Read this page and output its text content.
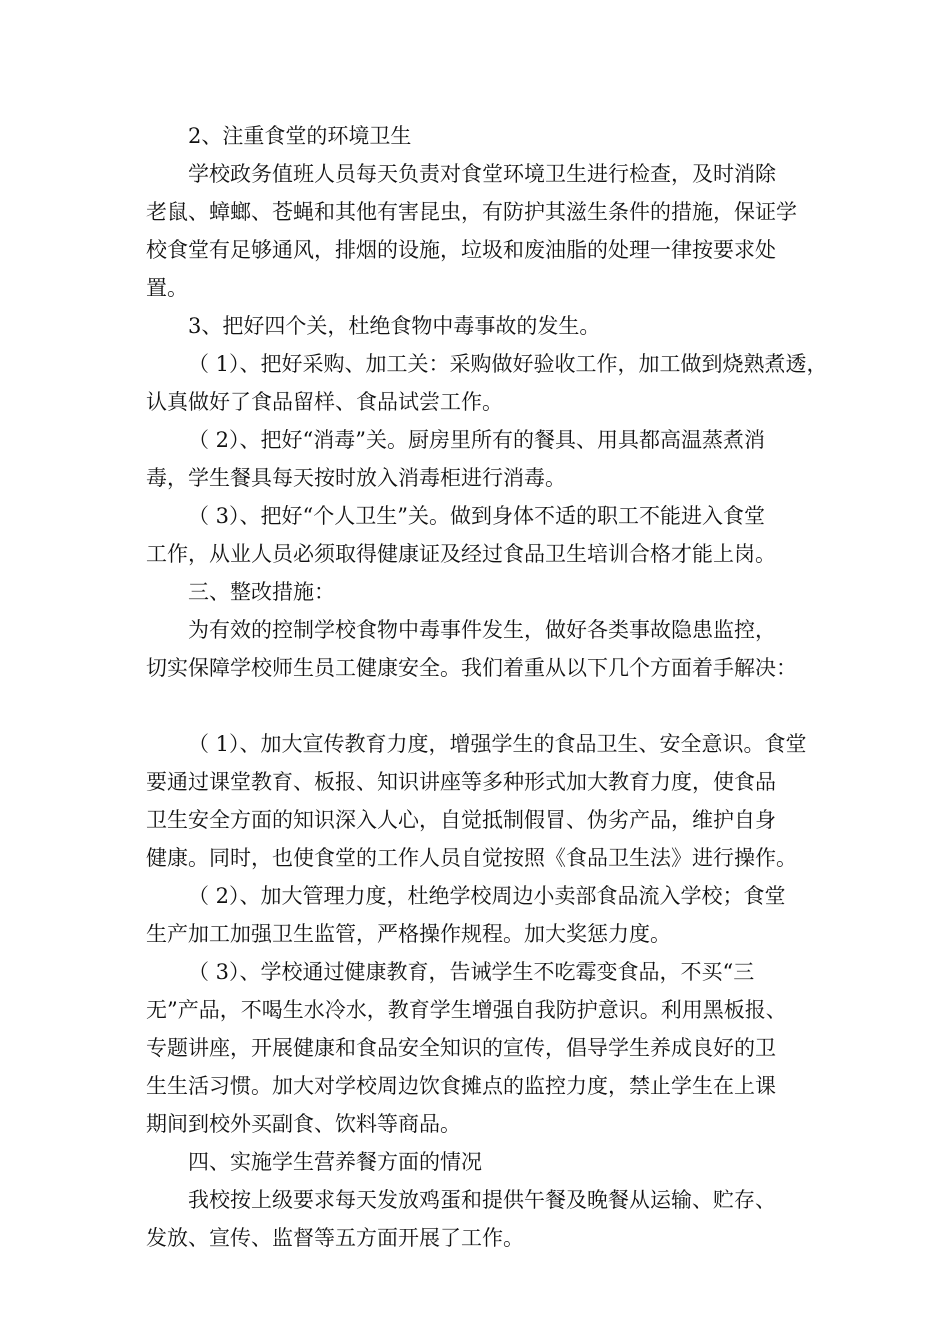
2、注重食堂的环境卫生
学校政务值班人员每天负责对食堂环境卫生进行检查，及时消除
老鼠、蟑螂、苍蝇和其他有害昆虫，有防护其滋生条件的措施，保证学
校食堂有足够通风，排烟的设施，垃圾和废油脂的处理一律按要求处
置。
3、把好四个关，杜绝食物中毒事故的发生。
（ 1）、把好采购、加工关：采购做好验收工作，加工做到烧熟煮透，
认真做好了食品留样、食品试尝工作。
（ 2）、把好“消毒”关。厨房里所有的餐具、用具都高温蒸煮消
毒，学生餐具每天按时放入消毒柜进行消毒。
（ 3）、把好“个人卫生”关。做到身体不适的职工不能进入食堂
工作，从业人员必须取得健康证及经过食品卫生培训合格才能上岗。
三、整改措施：
为有效的控制学校食物中毒事件发生，做好各类事故隐患监控，
切实保障学校师生员工健康安全。我们着重从以下几个方面着手解决：
（ 1）、加大宣传教育力度，增强学生的食品卫生、安全意识。食堂
要通过课堂教育、板报、知识讲座等多种形式加大教育力度，使食品
卫生安全方面的知识深入人心，自觉抵制假冒、伪劣产品，维护自身
健康。同时，也使食堂的工作人员自觉按照《食品卫生法》进行操作。
（ 2）、加大管理力度，杜绝学校周边小卖部食品流入学校；食堂
生产加工加强卫生监管，严格操作规程。加大奖惩力度。
（ 3）、学校通过健康教育，告诫学生不吃霉变食品，不买“三
无”产品，不喝生水冷水，教育学生增强自我防护意识。利用黑板报、
专题讲座，开展健康和食品安全知识的宣传，倡导学生养成良好的卫
生生活习惯。加大对学校周边饮食摊点的监控力度，禁止学生在上课
期间到校外买副食、饮料等商品。
四、实施学生营养餐方面的情况
我校按上级要求每天发放鸡蛋和提供午餐及晚餐从运输、贮存、
发放、宣传、监督等五方面开展了工作。
